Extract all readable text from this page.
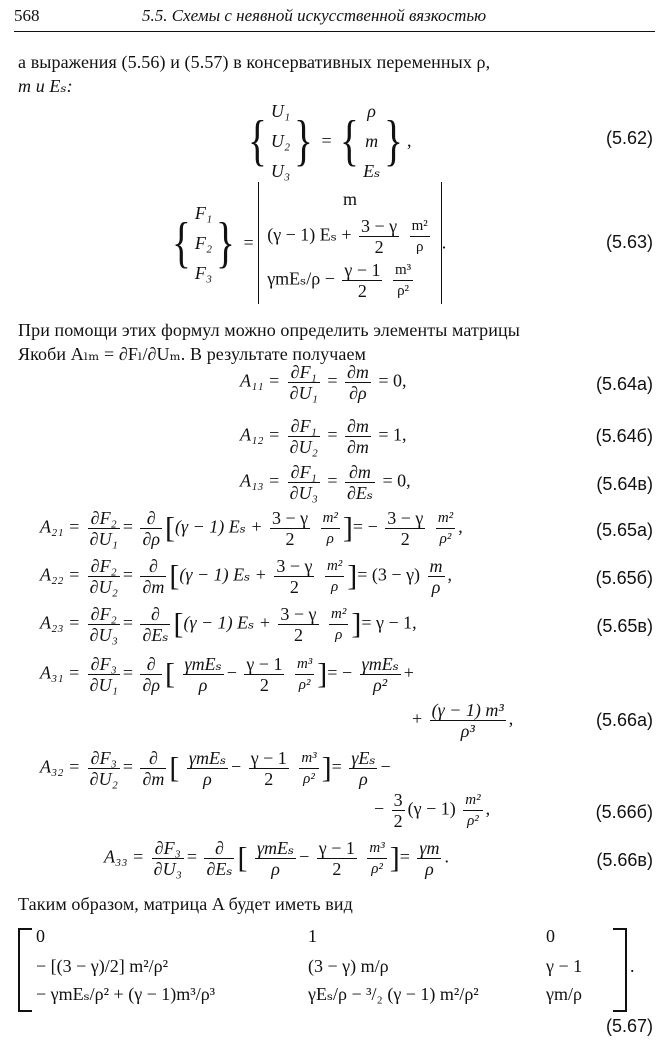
568	5.5. Схемы с неявной искусственной вязкостью
а выражения (5.56) и (5.57) в консервативных переменных ρ,
m и Eₛ:
{ U₁
U₂
U₃ } = { ρ
m
Eₛ } ,	(5.62)
{ F₁
F₂
F₃ } =
m
(γ − 1) $E_s + \frac{3 - \gamma}{2}$
$\frac{\text{m²}}{\rho}$
$\gamma mE_s/\rho - \frac{\gamma - 1}{2}$
$\frac{\text{m³}}{\text{ρ²}}$
.	(5.63)
При помощи этих формул можно определить элементы матрицы
Якоби Aₗₘ = ∂Fₗ/∂Uₘ. В результате получаем
$A_{11} = \frac{\text{∂F₁}}{\text{∂U₁}} = \frac{\partial m}{\partial\rho} = 0$,	(5.64а)
$A_{12} = \frac{\text{∂F₁}}{\text{∂U₂}} = \frac{\partial m}{\partial m} = 1$,	(5.64б)
$A_{13} = \frac{\text{∂F₁}}{\text{∂U₃}} = \frac{\partial m}{\text{∂Eₛ}} = 0$,	(5.64в)
$A_{21} = \frac{\text{∂F₂}}{\text{∂U₁}} = \frac{\partial}{\partial\rho} [(\gamma - 1) E_s + \frac{3 - \gamma}{2}$
$\frac{\text{m²}}{\rho}$ ]= − $\frac{3 - \gamma}{2}$
$\frac{\text{m²}}{\text{ρ²}}$ ,	(5.65а)
$A_{22} = \frac{\text{∂F₂}}{\text{∂U₂}} = \frac{\partial}{\partial m} [(\gamma - 1) E_s + \frac{3 - \gamma}{2}$
$\frac{\text{m²}}{\rho}$ ]= $(3 - \gamma) \frac{m}{\rho}$ ,	(5.65б)
$A_{23} = \frac{\text{∂F₂}}{\text{∂U₃}} = \frac{\partial}{\text{∂Eₛ}} [(\gamma - 1) E_s + \frac{3 - \gamma}{2}$
$\frac{\text{m²}}{\rho}$ ]= γ − 1,	(5.65в)
$A_{31} = \frac{\text{∂F₃}}{\text{∂U₁}} = \frac{\partial}{\partial\rho}$ [ $\frac{\text{γmEₛ}}{\rho} - \frac{\gamma - 1}{2}$
$\frac{\text{m³}}{\text{ρ²}}$ ]= − $\frac{\text{γmEₛ}}{\text{ρ²}}$ +
+ $\frac{\text{(γ − 1) m³}}{\text{ρ³}}$ ,	(5.66а)
$A_{32} = \frac{\text{∂F₃}}{\text{∂U₂}} = \frac{\partial}{\partial m}$ [ $\frac{\text{γmEₛ}}{\rho} - \frac{\gamma - 1}{2}$
$\frac{\text{m³}}{\text{ρ²}}$ ]= $\frac{\text{γEₛ}}{\rho}$ −
− $\frac{3}{2} (\gamma - 1) \frac{\text{m²}}{\text{ρ²}}$ ,	(5.66б)
$A_{33} = \frac{\text{∂F₃}}{\text{∂U₃}} = \frac{\partial}{\text{∂Eₛ}}$ [ $\frac{\text{γmEₛ}}{\rho} - \frac{\gamma - 1}{2}$
$\frac{\text{m³}}{\text{ρ²}}$ ]= $\frac{\gamma m}{\rho}$ .	(5.66в)
Таким образом, матрица A будет иметь вид
0	1	0
− [(3 − γ)/2] m²/ρ²	(3 − γ) m/ρ	γ − 1
− γmEₛ/ρ² + (γ − 1)m³/ρ³	γEₛ/ρ − ³/₂ (γ − 1) m²/ρ²	γm/ρ
.
(5.67)
